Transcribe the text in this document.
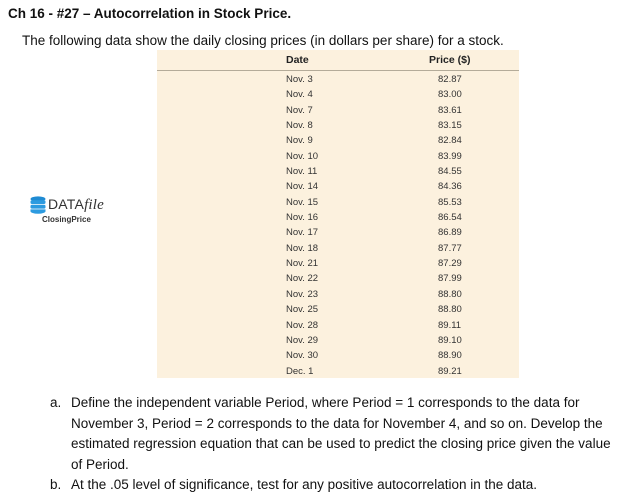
Ch 16 - #27 – Autocorrelation in Stock Price.
The following data show the daily closing prices (in dollars per share) for a stock.
DATAfile
ClosingPrice
Date	Price ($)
Nov. 3	82.87
Nov. 4	83.00
Nov. 7	83.61
Nov. 8	83.15
Nov. 9	82.84
Nov. 10	83.99
Nov. 11	84.55
Nov. 14	84.36
Nov. 15	85.53
Nov. 16	86.54
Nov. 17	86.89
Nov. 18	87.77
Nov. 21	87.29
Nov. 22	87.99
Nov. 23	88.80
Nov. 25	88.80
Nov. 28	89.11
Nov. 29	89.10
Nov. 30	88.90
Dec. 1	89.21
a. Define the independent variable Period, where Period = 1 corresponds to the data for November 3, Period = 2 corresponds to the data for November 4, and so on. Develop the estimated regression equation that can be used to predict the closing price given the value of Period.
b. At the .05 level of significance, test for any positive autocorrelation in the data.
